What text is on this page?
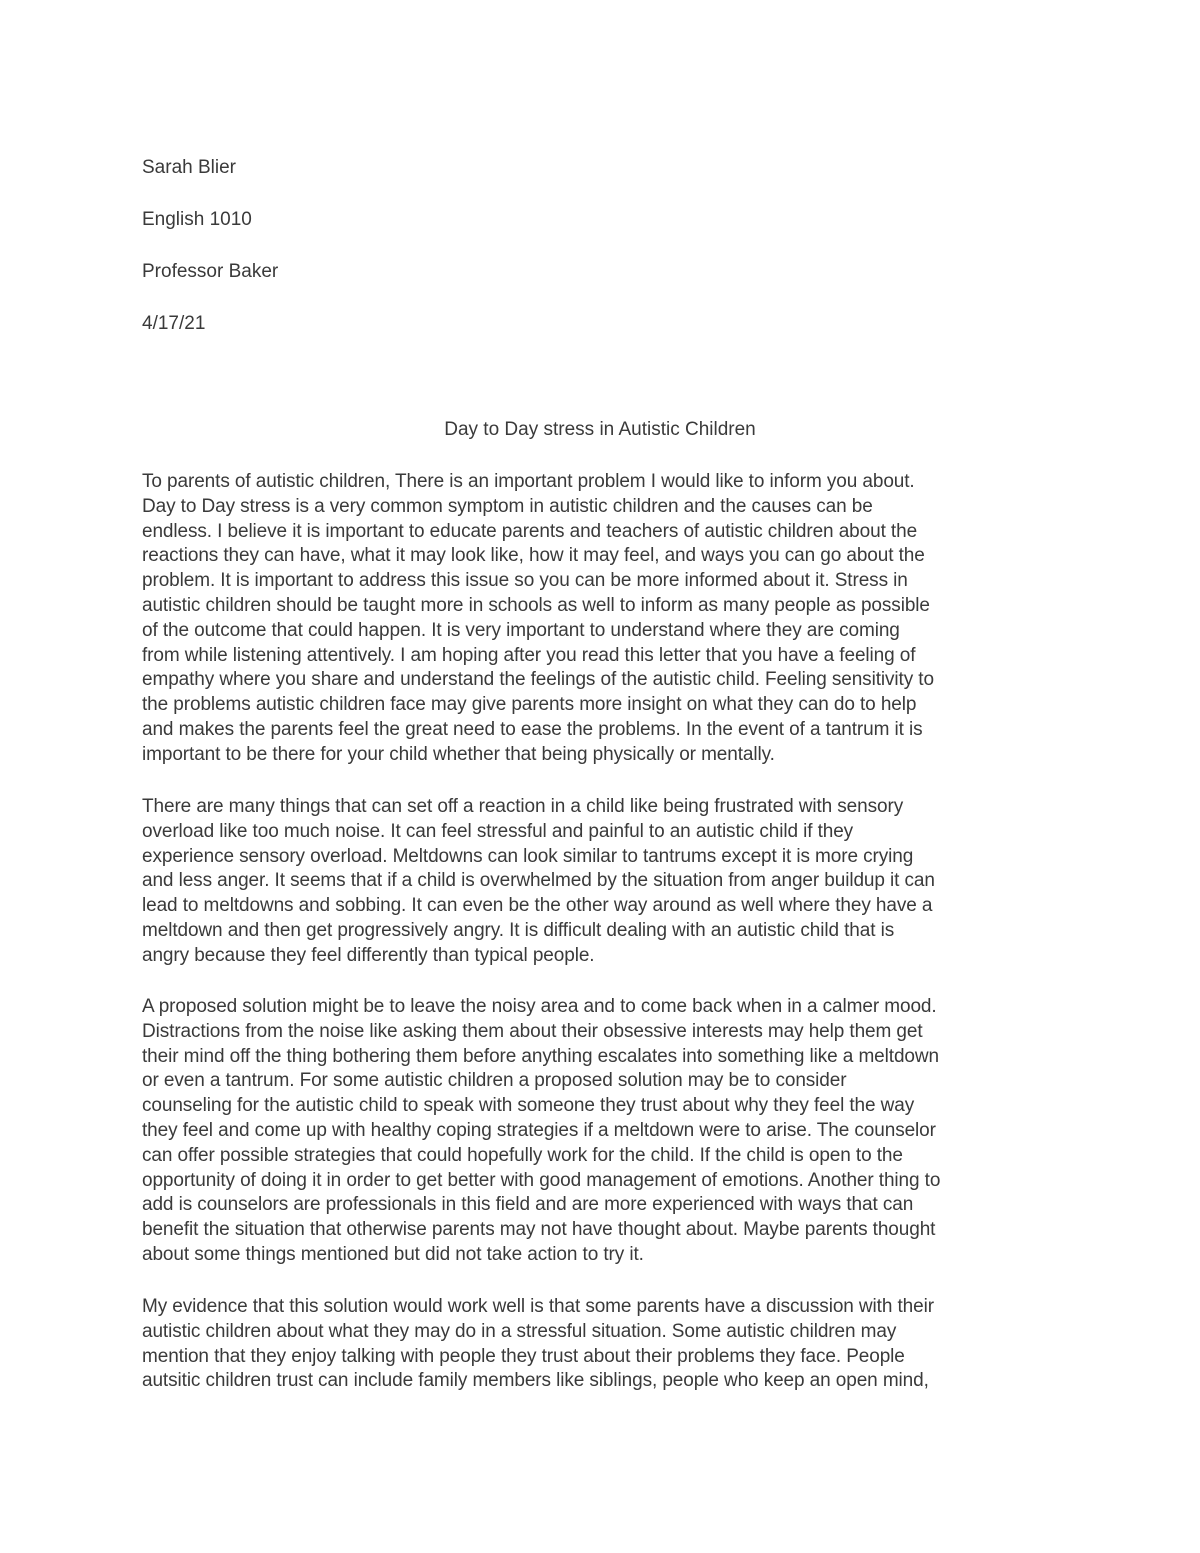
Sarah Blier

English 1010

Professor Baker

4/17/21

Day to Day stress in Autistic Children
To parents of autistic children, There is an important problem I would like to inform you about.
Day to Day stress is a very common symptom in autistic children and the causes can be
endless. I believe it is important to educate parents and teachers of autistic children about the
reactions they can have, what it may look like, how it may feel, and ways you can go about the
problem. It is important to address this issue so you can be more informed about it. Stress in
autistic children should be taught more in schools as well to inform as many people as possible
of the outcome that could happen. It is very important to understand where they are coming
from while listening attentively. I am hoping after you read this letter that you have a feeling of
empathy where you share and understand the feelings of the autistic child. Feeling sensitivity to
the problems autistic children face may give parents more insight on what they can do to help
and makes the parents feel the great need to ease the problems. In the event of a tantrum it is
important to be there for your child whether that being physically or mentally.
There are many things that can set off a reaction in a child like being frustrated with sensory
overload like too much noise. It can feel stressful and painful to an autistic child if they
experience sensory overload. Meltdowns can look similar to tantrums except it is more crying
and less anger. It seems that if a child is overwhelmed by the situation from anger buildup it can
lead to meltdowns and sobbing. It can even be the other way around as well where they have a
meltdown and then get progressively angry. It is difficult dealing with an autistic child that is
angry because they feel differently than typical people.
A proposed solution might be to leave the noisy area and to come back when in a calmer mood.
Distractions from the noise like asking them about their obsessive interests may help them get
their mind off the thing bothering them before anything escalates into something like a meltdown
or even a tantrum. For some autistic children a proposed solution may be to consider
counseling for the autistic child to speak with someone they trust about why they feel the way
they feel and come up with healthy coping strategies if a meltdown were to arise. The counselor
can offer possible strategies that could hopefully work for the child. If the child is open to the
opportunity of doing it in order to get better with good management of emotions. Another thing to
add is counselors are professionals in this field and are more experienced with ways that can
benefit the situation that otherwise parents may not have thought about. Maybe parents thought
about some things mentioned but did not take action to try it.
My evidence that this solution would work well is that some parents have a discussion with their
autistic children about what they may do in a stressful situation. Some autistic children may
mention that they enjoy talking with people they trust about their problems they face. People
autsitic children trust can include family members like siblings, people who keep an open mind,
